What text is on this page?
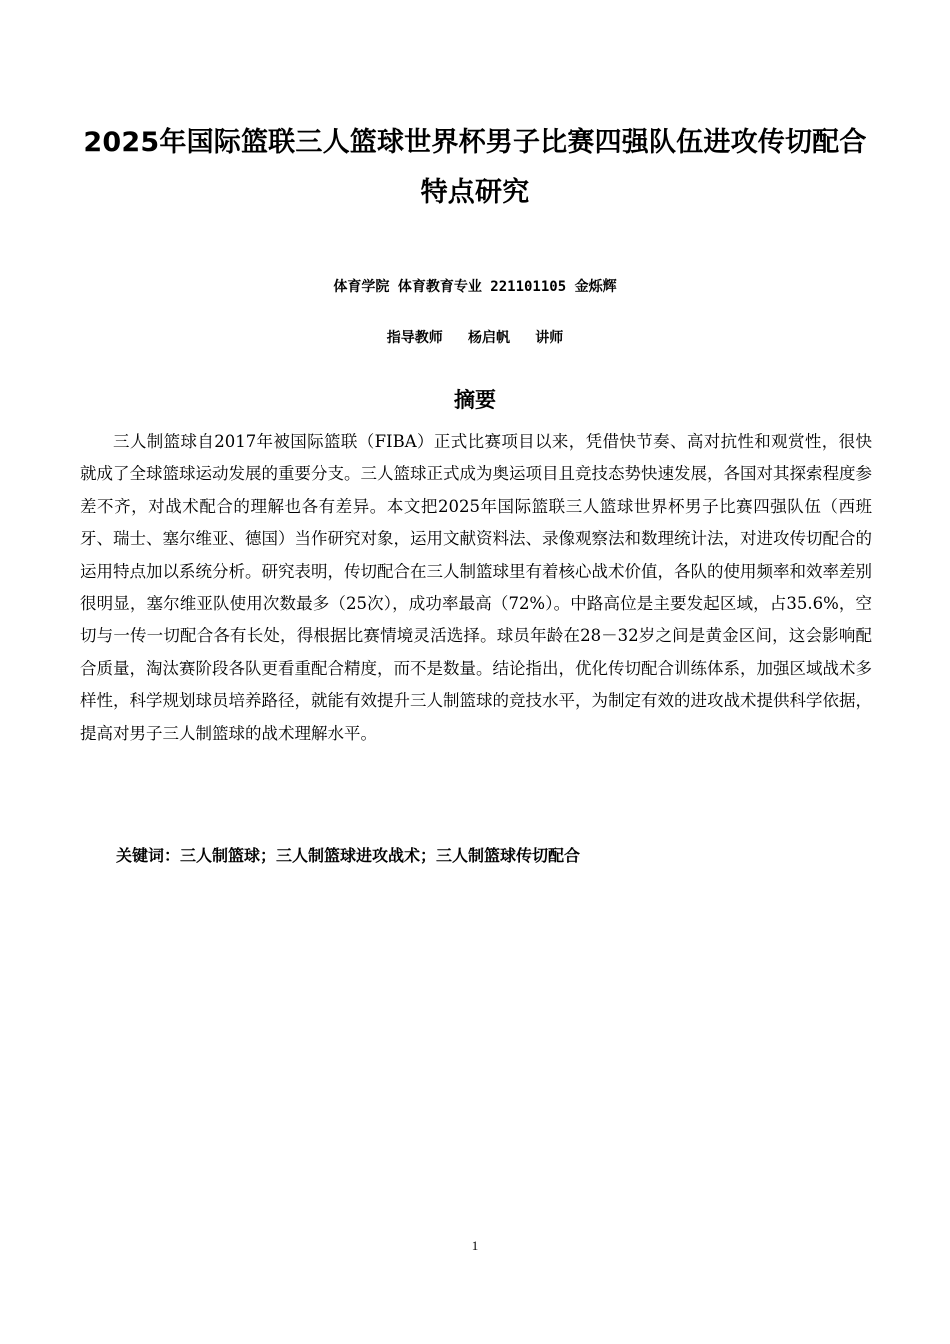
2025年国际篮联三人篮球世界杯男子比赛四强队伍进攻传切配合特点研究
体育学院 体育教育专业 221101105 金烁辉
指导教师   杨启帆   讲师
摘要

三人制篮球自2017年被国际篮联（FIBA）正式比赛项目以来，凭借快节奏、高对抗性和观赏性，很快就成了全球篮球运动发展的重要分支。三人篮球正式成为奥运项目且竞技态势快速发展，各国对其探索程度参差不齐，对战术配合的理解也各有差异。本文把2025年国际篮联三人篮球世界杯男子比赛四强队伍（西班牙、瑞士、塞尔维亚、德国）当作研究对象，运用文献资料法、录像观察法和数理统计法，对进攻传切配合的运用特点加以系统分析。研究表明，传切配合在三人制篮球里有着核心战术价值，各队的使用频率和效率差别很明显，塞尔维亚队使用次数最多（25次），成功率最高（72%）。中路高位是主要发起区域，占35.6%，空切与一传一切配合各有长处，得根据比赛情境灵活选择。球员年龄在28－32岁之间是黄金区间，这会影响配合质量，淘汰赛阶段各队更看重配合精度，而不是数量。结论指出，优化传切配合训练体系，加强区域战术多样性，科学规划球员培养路径，就能有效提升三人制篮球的竞技水平，为制定有效的进攻战术提供科学依据，提高对男子三人制篮球的战术理解水平。

关键词：三人制篮球；三人制篮球进攻战术；三人制篮球传切配合
1
